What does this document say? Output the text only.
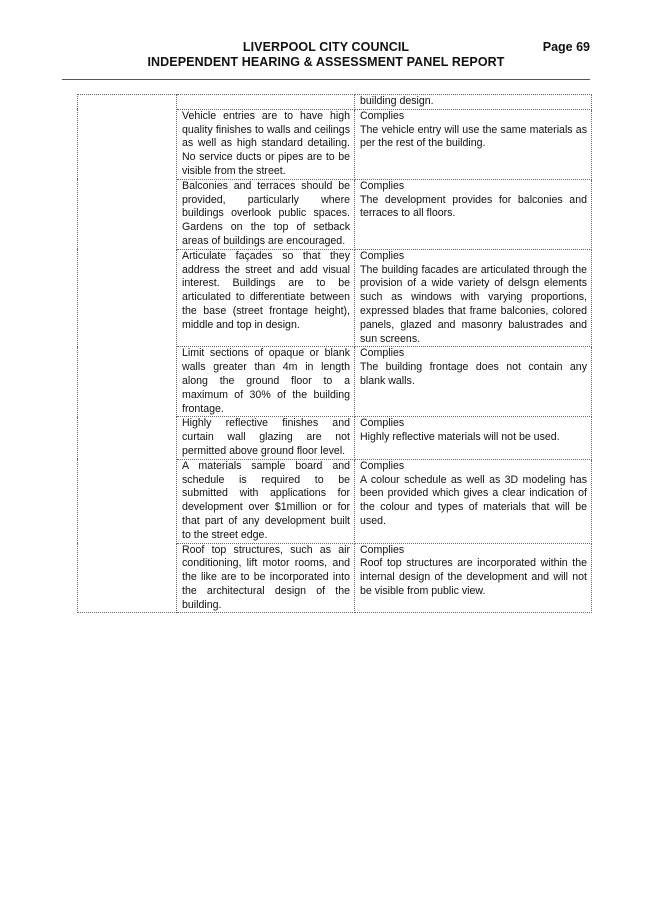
LIVERPOOL CITY COUNCIL
INDEPENDENT HEARING & ASSESSMENT PANEL REPORT
Page 69
		building design.
	Vehicle entries are to have high quality finishes to walls and ceilings as well as high standard detailing. No service ducts or pipes are to be visible from the street.	Complies
The vehicle entry will use the same materials as per the rest of the building.

	Balconies and terraces should be provided, particularly where buildings overlook public spaces. Gardens on the top of setback areas of buildings are encouraged.	Complies
The development provides for balconies and terraces to all floors.

	Articulate façades so that they address the street and add visual interest. Buildings are to be articulated to differentiate between the base (street frontage height), middle and top in design.	Complies
The building facades are articulated through the provision of a wide variety of delsgn elements such as windows with varying proportions, expressed blades that frame balconies, colored panels, glazed and masonry balustrades and sun screens.

	Limit sections of opaque or blank walls greater than 4m in length along the ground floor to a maximum of 30% of the building frontage.	Complies
The building frontage does not contain any blank walls.

	Highly reflective finishes and curtain wall glazing are not permitted above ground floor level.	Complies
Highly reflective materials will not be used.

	A materials sample board and schedule is required to be submitted with applications for development over $1million or for that part of any development built to the street edge.	Complies
A colour schedule as well as 3D modeling has been provided which gives a clear indication of the colour and types of materials that will be used.

	Roof top structures, such as air conditioning, lift motor rooms, and the like are to be incorporated into the architectural design of the building.	Complies
Roof top structures are incorporated within the internal design of the development and will not be visible from public view.
